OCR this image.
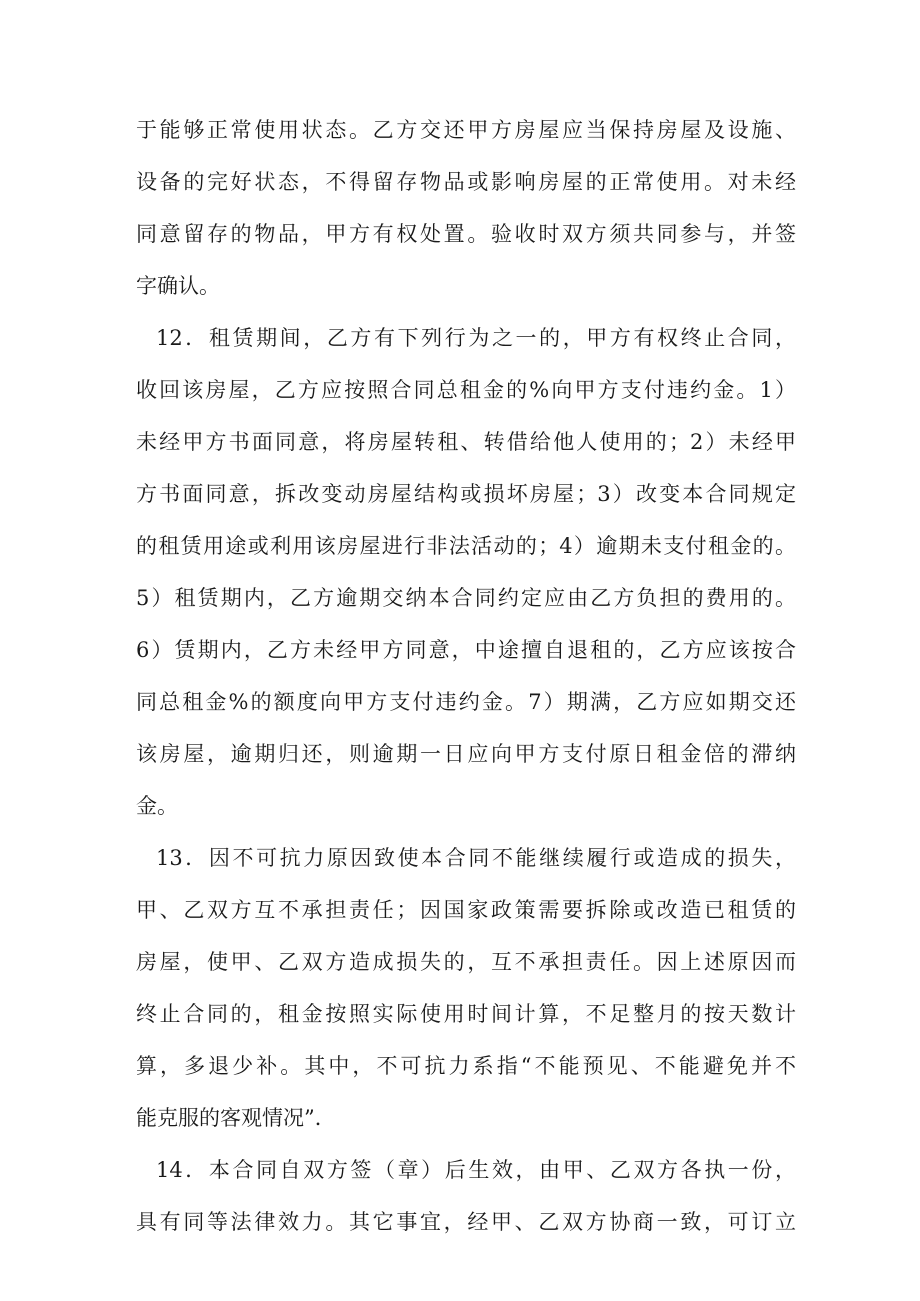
于能够正常使用状态。乙方交还甲方房屋应当保持房屋及设施、
设备的完好状态，不得留存物品或影响房屋的正常使用。对未经
同意留存的物品，甲方有权处置。验收时双方须共同参与，并签
字确认。
12．租赁期间，乙方有下列行为之一的，甲方有权终止合同，
收回该房屋，乙方应按照合同总租金的%向甲方支付违约金。1）
未经甲方书面同意，将房屋转租、转借给他人使用的；2）未经甲
方书面同意，拆改变动房屋结构或损坏房屋；3）改变本合同规定
的租赁用途或利用该房屋进行非法活动的；4）逾期未支付租金的。
5）租赁期内，乙方逾期交纳本合同约定应由乙方负担的费用的。
6）赁期内，乙方未经甲方同意，中途擅自退租的，乙方应该按合
同总租金%的额度向甲方支付违约金。7）期满，乙方应如期交还
该房屋，逾期归还，则逾期一日应向甲方支付原日租金倍的滞纳
金。
13．因不可抗力原因致使本合同不能继续履行或造成的损失，
甲、乙双方互不承担责任；因国家政策需要拆除或改造已租赁的
房屋，使甲、乙双方造成损失的，互不承担责任。因上述原因而
终止合同的，租金按照实际使用时间计算，不足整月的按天数计
算，多退少补。其中，不可抗力系指“不能预见、不能避免并不
能克服的客观情况”．
14．本合同自双方签（章）后生效，由甲、乙双方各执一份，
具有同等法律效力。其它事宜，经甲、乙双方协商一致，可订立
